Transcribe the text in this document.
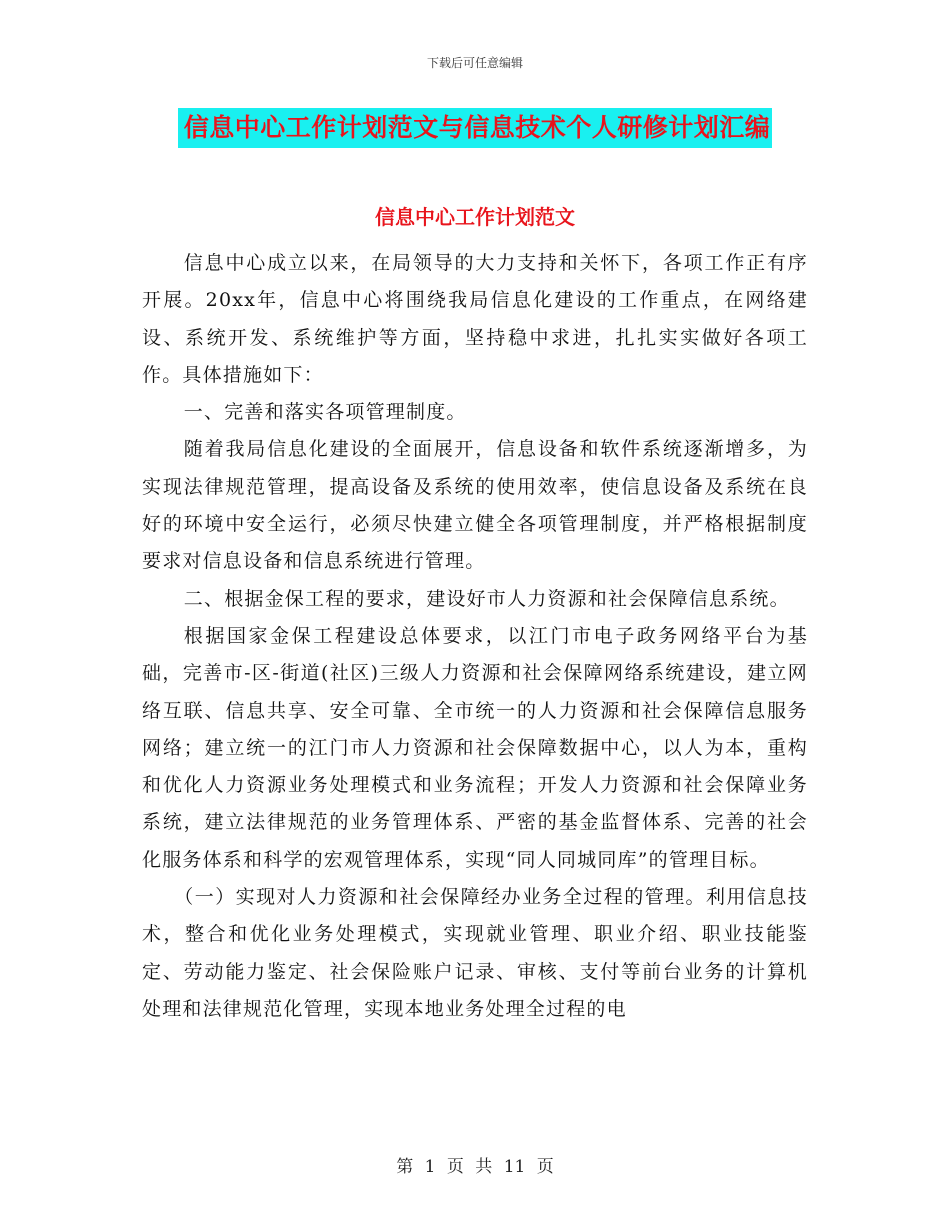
下载后可任意编辑
信息中心工作计划范文与信息技术个人研修计划汇编
信息中心工作计划范文

信息中心成立以来，在局领导的大力支持和关怀下，各项工作正有序开展。20xx年，信息中心将围绕我局信息化建设的工作重点，在网络建设、系统开发、系统维护等方面，坚持稳中求进，扎扎实实做好各项工作。具体措施如下：

一、完善和落实各项管理制度。

随着我局信息化建设的全面展开，信息设备和软件系统逐渐增多，为实现法律规范管理，提高设备及系统的使用效率，使信息设备及系统在良好的环境中安全运行，必须尽快建立健全各项管理制度，并严格根据制度要求对信息设备和信息系统进行管理。

二、根据金保工程的要求，建设好市人力资源和社会保障信息系统。

根据国家金保工程建设总体要求，以江门市电子政务网络平台为基础，完善市-区-街道(社区)三级人力资源和社会保障网络系统建设，建立网络互联、信息共享、安全可靠、全市统一的人力资源和社会保障信息服务网络；建立统一的江门市人力资源和社会保障数据中心，以人为本，重构和优化人力资源业务处理模式和业务流程；开发人力资源和社会保障业务系统，建立法律规范的业务管理体系、严密的基金监督体系、完善的社会化服务体系和科学的宏观管理体系，实现“同人同城同库”的管理目标。

（一）实现对人力资源和社会保障经办业务全过程的管理。利用信息技术，整合和优化业务处理模式，实现就业管理、职业介绍、职业技能鉴定、劳动能力鉴定、社会保险账户记录、审核、支付等前台业务的计算机处理和法律规范化管理，实现本地业务处理全过程的电

第 1 页 共 11 页
